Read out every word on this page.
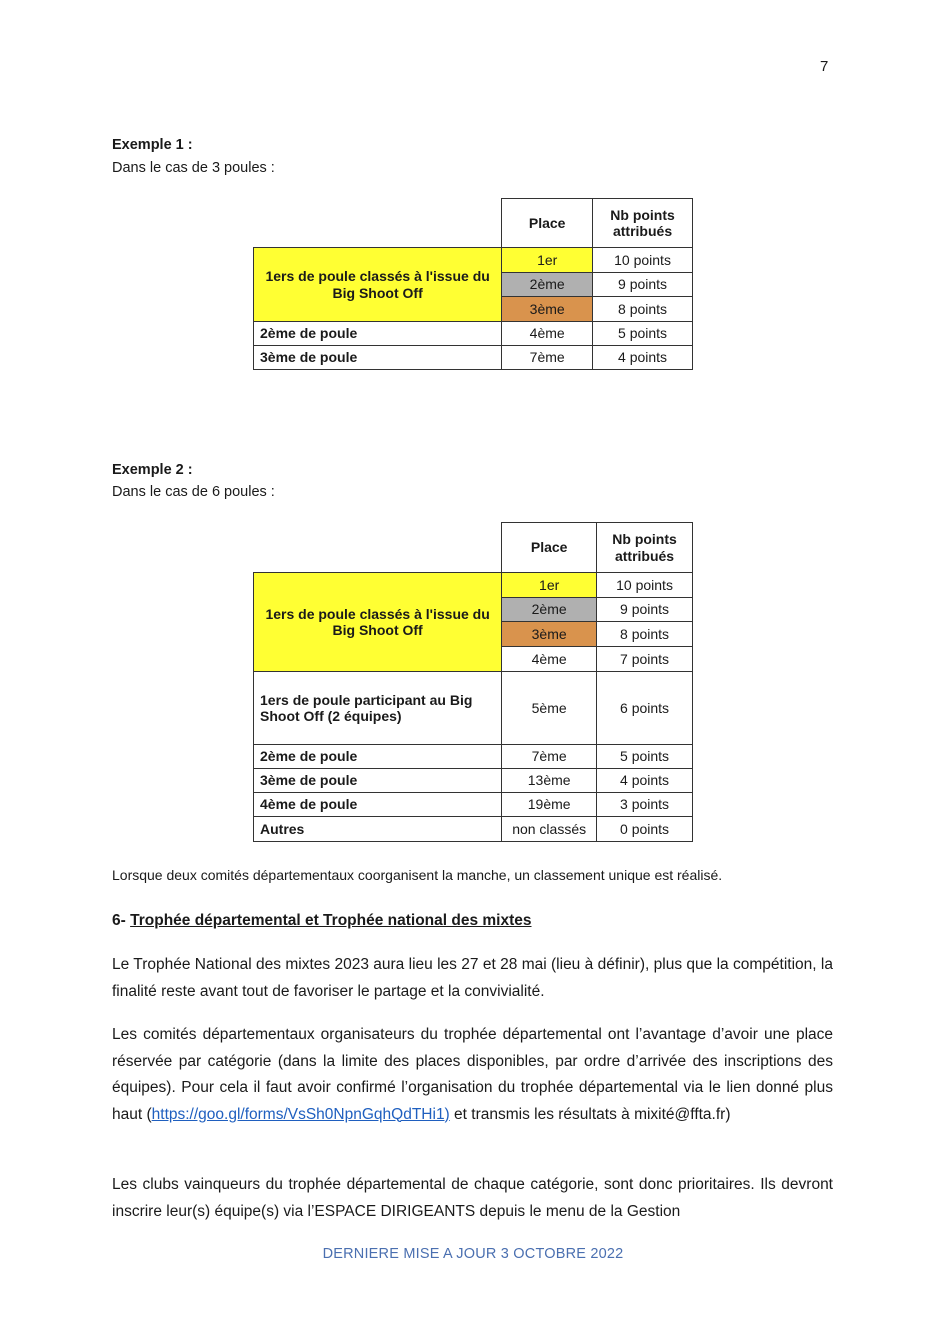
7
Exemple 1 :
Dans le cas de 3 poules :
	Place	Nb points
attribués
1ers de poule classés à l'issue du Big Shoot Off	1er	10 points
	2ème	9 points
	3ème	8 points
2ème de poule	4ème	5 points
3ème de poule	7ème	4 points
Exemple 2 :
Dans le cas de 6 poules :
	Place	Nb points
attribués
1ers de poule classés à l'issue du Big Shoot Off	1er	10 points
	2ème	9 points
	3ème	8 points
	4ème	7 points
1ers de poule participant au Big Shoot Off (2 équipes)	5ème	6 points
2ème de poule	7ème	5 points
3ème de poule	13ème	4 points
4ème de poule	19ème	3 points
Autres	non classés	0 points
Lorsque deux comités départementaux coorganisent la manche, un classement unique est réalisé.
6- Trophée départemental et Trophée national des mixtes
Le Trophée National des mixtes 2023 aura lieu les 27 et 28 mai (lieu à définir), plus que la compétition, la finalité reste avant tout de favoriser le partage et la convivialité.
Les comités départementaux organisateurs du trophée départemental ont l’avantage d’avoir une place réservée par catégorie (dans la limite des places disponibles, par ordre d’arrivée des inscriptions des équipes). Pour cela il faut avoir confirmé l’organisation du trophée départemental via le lien donné plus haut (https://goo.gl/forms/VsSh0NpnGqhQdTHi1) et transmis les résultats à mixité@ffta.fr)
Les clubs vainqueurs du trophée départemental de chaque catégorie, sont donc prioritaires. Ils devront inscrire leur(s) équipe(s) via l’ESPACE DIRIGEANTS depuis le menu de la Gestion
DERNIERE MISE A JOUR 3 OCTOBRE 2022
